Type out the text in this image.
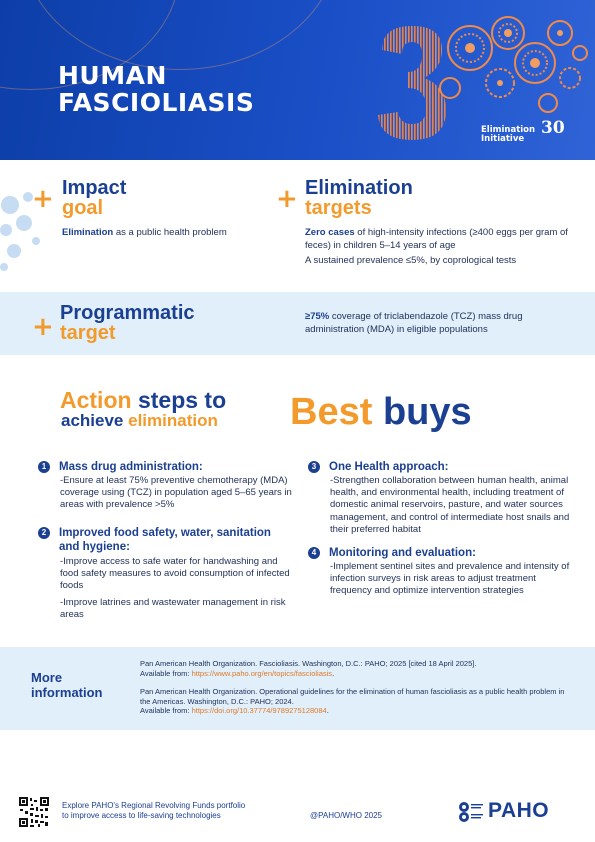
HUMAN
FASCIOLIASIS
Elimination
Initiative
30
+ Impact
goal
Elimination as a public health problem
+ Elimination
targets
Zero cases of high-intensity infections (≥400 eggs per gram of feces) in children 5–14 years of age
A sustained prevalence ≤5%, by coprological tests
+ Programmatic
target
≥75% coverage of triclabendazole (TCZ) mass drug administration (MDA) in eligible populations
Action steps to
achieve elimination Best buys
1	Mass drug administration:
-Ensure at least 75% preventive chemotherapy (MDA) coverage using (TCZ) in population aged 5–65 years in areas with prevalence >5%
2	Improved food safety, water, sanitation and hygiene:
-Improve access to safe water for handwashing and food safety measures to avoid consumption of infected foods
-Improve latrines and wastewater management in risk areas
3	One Health approach:
-Strengthen collaboration between human health, animal health, and environmental health, including treatment of domestic animal reservoirs, pasture, and water sources management, and control of intermediate host snails and their preferred habitat
4	Monitoring and evaluation:
-Implement sentinel sites and prevalence and intensity of infection surveys in risk areas to adjust treatment frequency and optimize intervention strategies
More
information
Pan American Health Organization. Fascioliasis. Washington, D.C.: PAHO; 2025 [cited 18 April 2025].
Available from: https://www.paho.org/en/topics/fascioliasis.
Pan American Health Organization. Operational guidelines for the elimination of human fascioliasis as a public health problem in the Americas. Washington, D.C.: PAHO; 2024.
Available from: https://doi.org/10.37774/9789275128084.
Explore PAHO's Regional Revolving Funds portfolio
to improve access to life-saving technologies	@PAHO/WHO 2025	PAHO
